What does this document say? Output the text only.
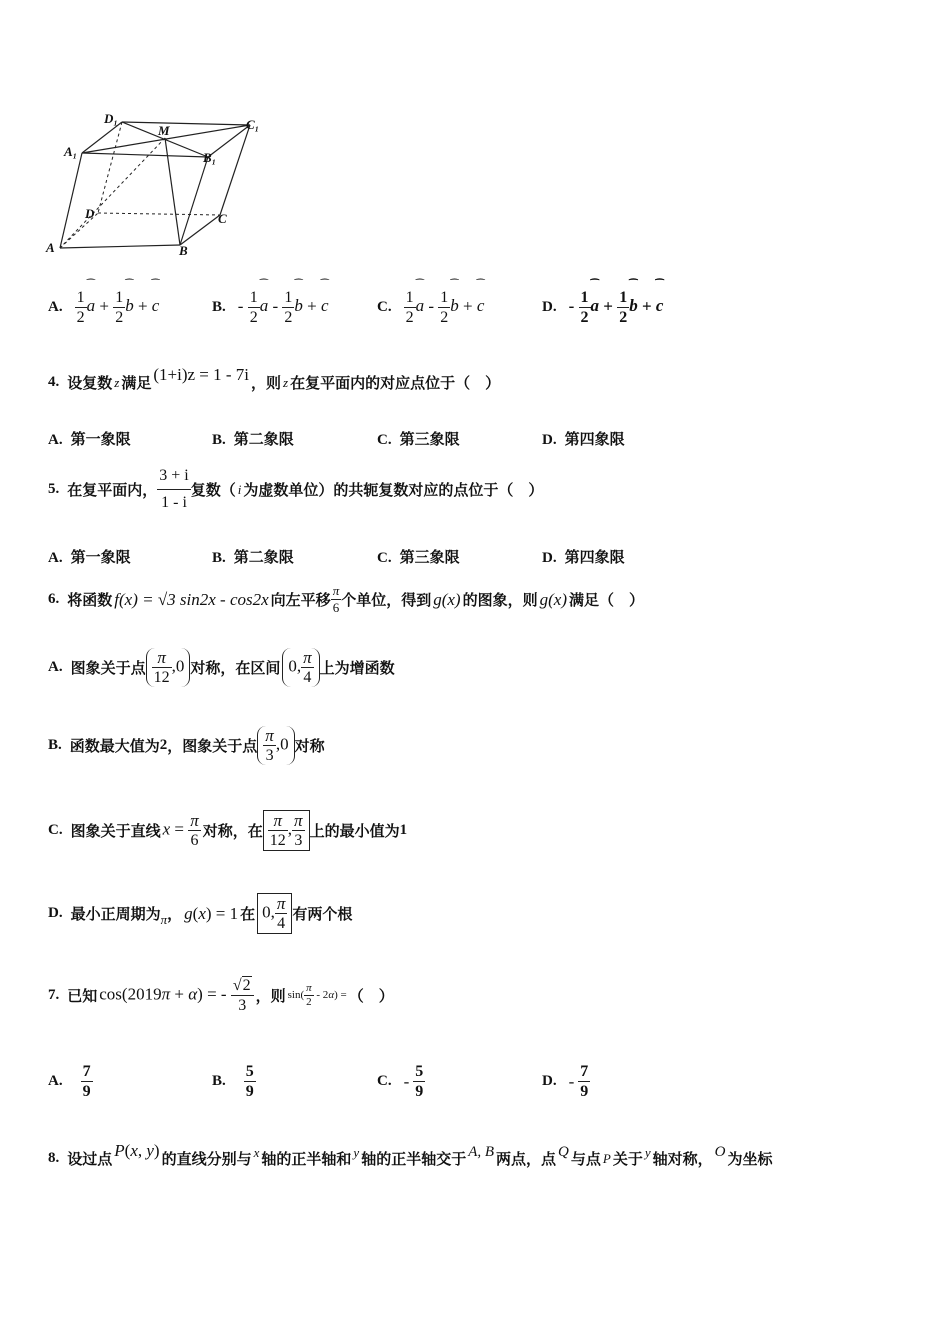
D₁
M	C₁
A₁	B₁
D	C
A	B
A. $\frac{1}{2}$ ⁀ $a + \frac{1}{2}$ ⁀ b + ⁀ c	B. - $\frac{1}{2}$ ⁀ a - $\frac{1}{2}$ ⁀ b + ⁀ c	C. $\frac{1}{2}$ ⁀ a - $\frac{1}{2}$ ⁀ b + ⁀ c	D. - $\frac{1}{2}$ ⁀ $a + \frac{1}{2}$ ⁀ b + ⁀ c
4. 设复数 z 满足 (1+i)z = 1 - 7i ，则 z 在复平面内的对应点位于（　）
A. 第一象限	B. 第二象限	C. 第三象限	D. 第四象限
5. 在复平面内， $\frac{3 + i}{1 - i}$ 复数（ i 为虚数单位）的共轭复数对应的点位于（　）
A. 第一象限	B. 第二象限	C. 第三象限	D. 第四象限
6. 将函数 f(x) = √3 sin2x - cos2x 向左平移 $\frac{\pi}{6}$ 个单位，得到 g(x) 的图象，则 g(x) 满足（　）
A. 图象关于点 $\frac{\pi}{12} ,0$ 对称，在区间 0, $\frac{\pi}{4}$ 上为增函数
B. 函数最大值为 2 ，图象关于点 $\frac{\pi}{3} ,0$ 对称
C. 图象关于直线 $x = \frac{\pi}{6}$ 对称，在 $\frac{\pi}{12}$ , $\frac{\pi}{3}$ 上的最小值为 1
D. 最小正周期为 π ， g(x) = 1 在 0, $\frac{\pi}{4}$ 有两个根
7. 已知 cos(2019π + α) = - $\frac{√2}{3}$ ，则 $\sin( \frac{\pi}{2} - 2\alpha)$ = （　）
A. $\frac{7}{9}$	B. $\frac{5}{9}$	C. - $\frac{5}{9}$	D. - $\frac{7}{9}$
8. 设过点 P(x, y) 的直线分别与 x 轴的正半轴和 y 轴的正半轴交于 A, B 两点，点 Q 与点 P 关于 y 轴对称， O 为坐标
